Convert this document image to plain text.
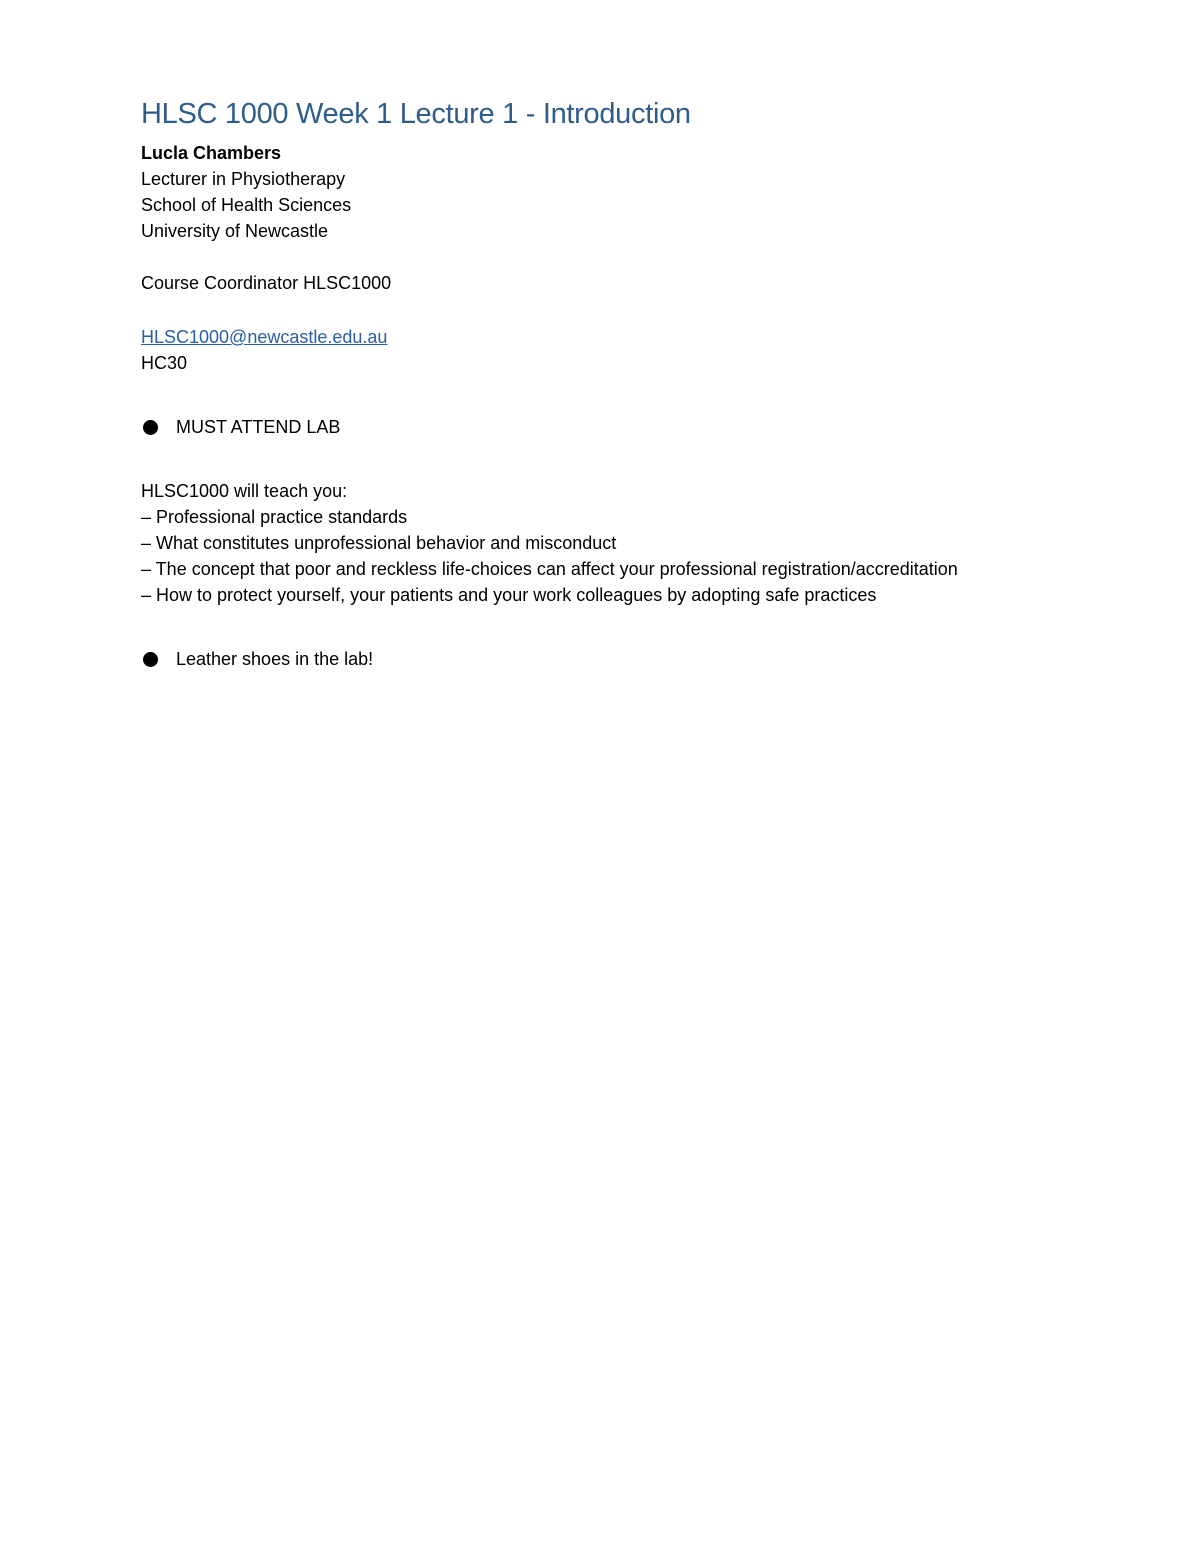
HLSC 1000 Week 1 Lecture 1 - Introduction

Lucla Chambers

Lecturer in Physiotherapy

School of Health Sciences

University of Newcastle

Course Coordinator HLSC1000

HLSC1000@newcastle.edu.au

HC30

MUST ATTEND LAB

HLSC1000 will teach you:

– Professional practice standards

– What constitutes unprofessional behavior and misconduct

– The concept that poor and reckless life-choices can affect your professional registration/accreditation

– How to protect yourself, your patients and your work colleagues by adopting safe practices

Leather shoes in the lab!
